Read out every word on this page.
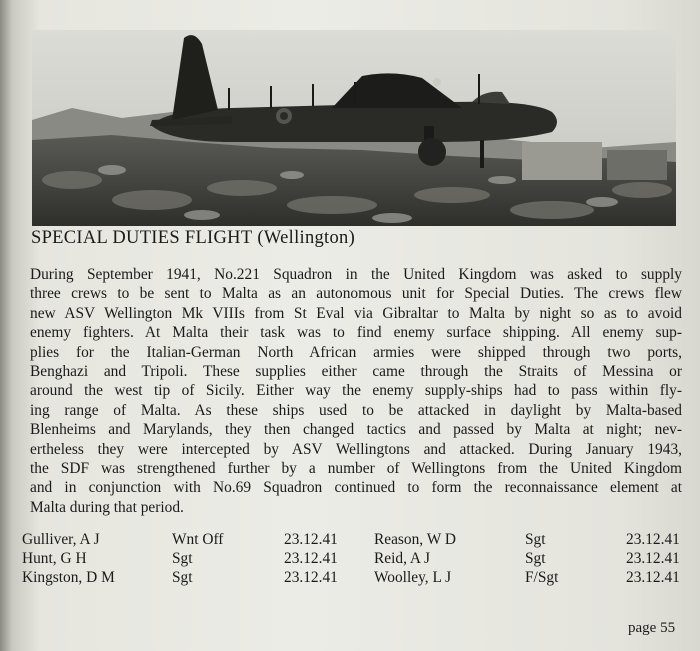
SPECIAL DUTIES FLIGHT (Wellington)
During September 1941, No.221 Squadron in the United Kingdom was asked to supply
three crews to be sent to Malta as an autonomous unit for Special Duties. The crews flew
new ASV Wellington Mk VIIIs from St Eval via Gibraltar to Malta by night so as to avoid
enemy fighters. At Malta their task was to find enemy surface shipping. All enemy sup-
plies for the Italian-German North African armies were shipped through two ports,
Benghazi and Tripoli. These supplies either came through the Straits of Messina or
around the west tip of Sicily. Either way the enemy supply-ships had to pass within fly-
ing range of Malta. As these ships used to be attacked in daylight by Malta-based
Blenheims and Marylands, they then changed tactics and passed by Malta at night; nev-
ertheless they were intercepted by ASV Wellingtons and attacked. During January 1943,
the SDF was strengthened further by a number of Wellingtons from the United Kingdom
and in conjunction with No.69 Squadron continued to form the reconnaissance element at
Malta during that period.
Gulliver, A J	Wnt Off	23.12.41 Reason, W D	Sgt	23.12.41
Hunt, G H	Sgt	23.12.41 Reid, A J	Sgt	23.12.41
Kingston, D M	Sgt	23.12.41 Woolley, L J	F/Sgt	23.12.41
page 55
